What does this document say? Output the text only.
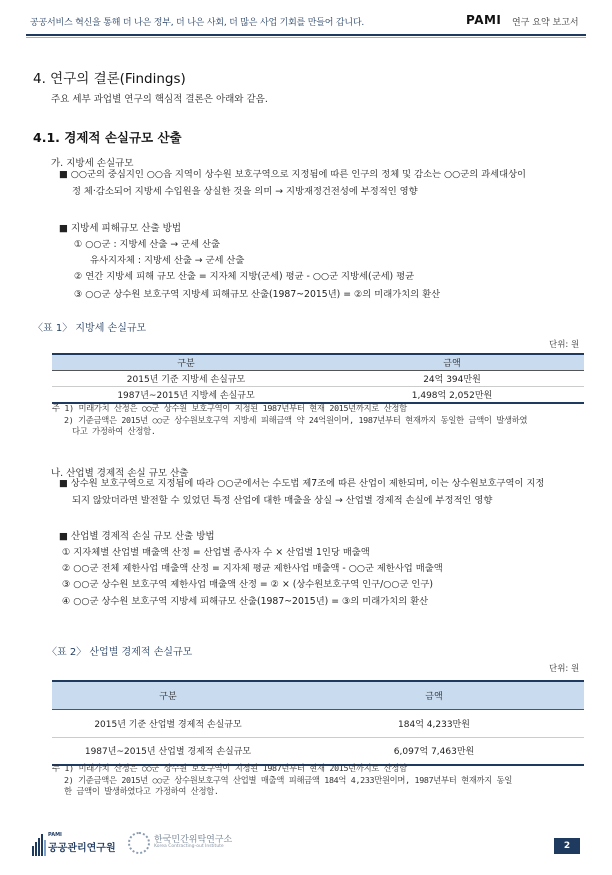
공공서비스 혁신을 통해 더 나은 정부, 더 나은 사회, 더 많은 사업 기회를 만들어 갑니다.	PAMI 연구 요약 보고서
4. 연구의 결론(Findings)
주요 세부 과업별 연구의 핵심적 결론은 아래와 같음.
4.1. 경제적 손실규모 산출
가. 지방세 손실규모
■ ○○군의 중심지인 ○○읍 지역이 상수원 보호구역으로 지정됨에 따른 인구의 정체 및 감소는 ○○군의 과세대상이
정 체·감소되어 지방세 수입원을 상실한 것을 의미 → 지방재정건전성에 부정적인 영향
■ 지방세 피해규모 산출 방법
① ○○군 : 지방세 산출 → 군세 산출
유사지자체 : 지방세 산출 → 군세 산출
② 연간 지방세 피해 규모 산출 = 지자체 지방(군세) 평균 - ○○군 지방세(군세) 평균
③ ○○군 상수원 보호구역 지방세 피해규모 산출(1987~2015년) = ②의 미래가치의 환산
〈표 1〉 지방세 손실규모
단위: 원
구분	금액
2015년 기준 지방세 손실규모	24억 394만원
1987년~2015년 지방세 손실규모	1,498억 2,052만원
주 1) 미래가치 산정은 ○○군 상수원 보호구역이 지정된 1987년부터 현재 2015년까지로 산정함
2) 기준금액은 2015년 ○○군 상수원보호구역 지방세 피해금액 약 24억원이며, 1987년부터 현재까지 동일한 금액이 발생하였
다고 가정하여 산정함.
나. 산업별 경제적 손실 규모 산출
■ 상수원 보호구역으로 지정됨에 따라 ○○군에서는 수도법 제7조에 따른 산업이 제한되며, 이는 상수원보호구역이 지정
되지 않았더라면 발전할 수 있었던 특정 산업에 대한 매출을 상실 → 산업별 경제적 손실에 부정적인 영향
■ 산업별 경제적 손실 규모 산출 방법
① 지자체별 산업별 매출액 산정 = 산업별 종사자 수 × 산업별 1인당 매출액
② ○○군 전체 제한사업 매출액 산정 = 지자체 평균 제한사업 매출액 - ○○군 제한사업 매출액
③ ○○군 상수원 보호구역 제한사업 매출액 산정 = ② × (상수원보호구역 인구/○○군 인구)
④ ○○군 상수원 보호구역 지방세 피해규모 산출(1987~2015년) = ③의 미래가치의 환산
〈표 2〉 산업별 경제적 손실규모
단위: 원
구분	금액
2015년 기준 산업별 경제적 손실규모	184억 4,233만원
1987년~2015년 산업별 경제적 손실규모	6,097억 7,463만원
주 1) 미래가치 산정은 ○○군 상수원 보호구역이 지정된 1987년부터 현재 2015년까지로 산정함
2) 기준금액은 2015년 ○○군 상수원보호구역 산업별 매출액 피해금액 184억 4,233만원이며, 1987년부터 현재까지 동일
한 금액이 발생하였다고 가정하여 산정함.
PAMI
공공관리연구원
한국민간위탁연구소
Korea Contracting-out Institute	2
